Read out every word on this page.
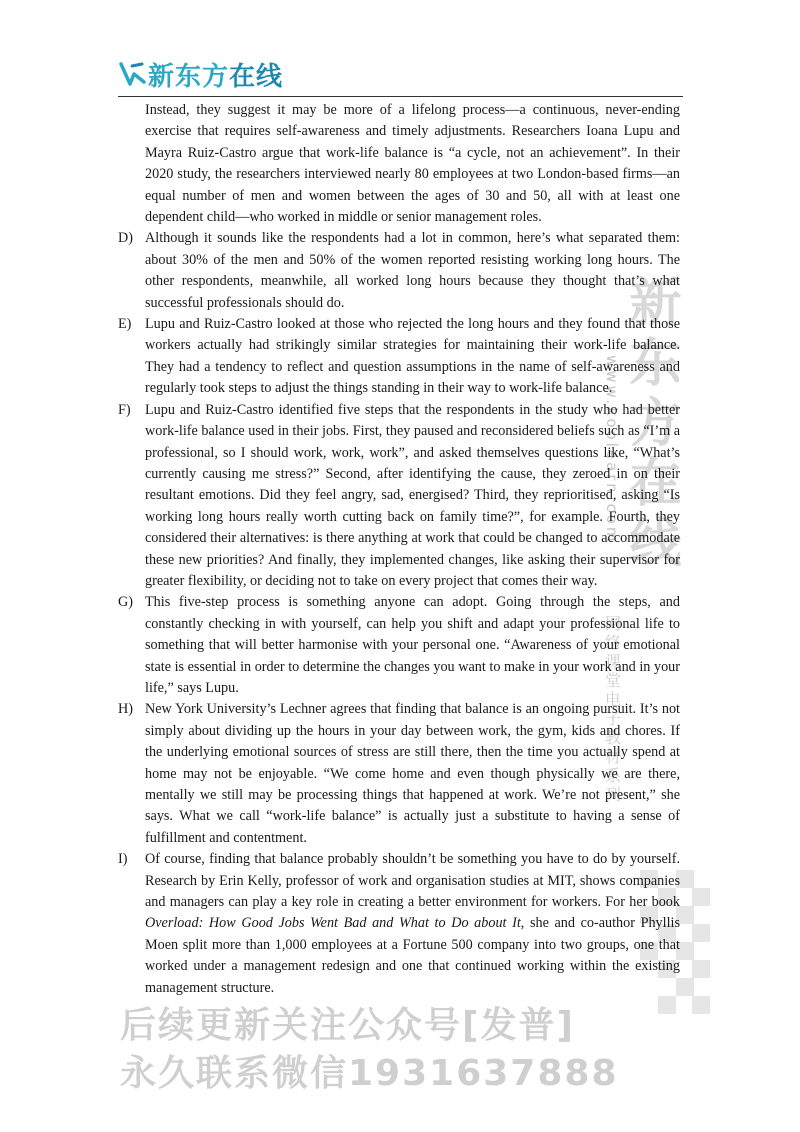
新东方在线
新东方在线
www.koolearn.com
网络课堂电子教材系列

Instead, they suggest it may be more of a lifelong process—a continuous, never-ending exercise that requires self-awareness and timely adjustments. Researchers Ioana Lupu and Mayra Ruiz-Castro argue that work-life balance is “a cycle, not an achievement”. In their 2020 study, the researchers interviewed nearly 80 employees at two London-based firms—an equal number of men and women between the ages of 30 and 50, all with at least one dependent child—who worked in middle or senior management roles.

D) Although it sounds like the respondents had a lot in common, here’s what separated them: about 30% of the men and 50% of the women reported resisting working long hours. The other respondents, meanwhile, all worked long hours because they thought that’s what successful professionals should do.

E) Lupu and Ruiz-Castro looked at those who rejected the long hours and they found that those workers actually had strikingly similar strategies for maintaining their work-life balance. They had a tendency to reflect and question assumptions in the name of self-awareness and regularly took steps to adjust the things standing in their way to work-life balance.

F) Lupu and Ruiz-Castro identified five steps that the respondents in the study who had better work-life balance used in their jobs. First, they paused and reconsidered beliefs such as “I’m a professional, so I should work, work, work”, and asked themselves questions like, “What’s currently causing me stress?” Second, after identifying the cause, they zeroed in on their resultant emotions. Did they feel angry, sad, energised? Third, they reprioritised, asking “Is working long hours really worth cutting back on family time?”, for example. Fourth, they considered their alternatives: is there anything at work that could be changed to accommodate these new priorities? And finally, they implemented changes, like asking their supervisor for greater flexibility, or deciding not to take on every project that comes their way.

G) This five-step process is something anyone can adopt. Going through the steps, and constantly checking in with yourself, can help you shift and adapt your professional life to something that will better harmonise with your personal one. “Awareness of your emotional state is essential in order to determine the changes you want to make in your work and in your life,” says Lupu.

H) New York University’s Lechner agrees that finding that balance is an ongoing pursuit. It’s not simply about dividing up the hours in your day between work, the gym, kids and chores. If the underlying emotional sources of stress are still there, then the time you actually spend at home may not be enjoyable. “We come home and even though physically we are there, mentally we still may be processing things that happened at work. We’re not present,” she says. What we call “work-life balance” is actually just a substitute to having a sense of fulfillment and contentment.

I) Of course, finding that balance probably shouldn’t be something you have to do by yourself. Research by Erin Kelly, professor of work and organisation studies at MIT, shows companies and managers can play a key role in creating a better environment for workers. For her book Overload: How Good Jobs Went Bad and What to Do about It, she and co-author Phyllis Moen split more than 1,000 employees at a Fortune 500 company into two groups, one that worked under a management redesign and one that continued working within the existing management structure.

后续更新关注公众号[发普]
永久联系微信1931637888
